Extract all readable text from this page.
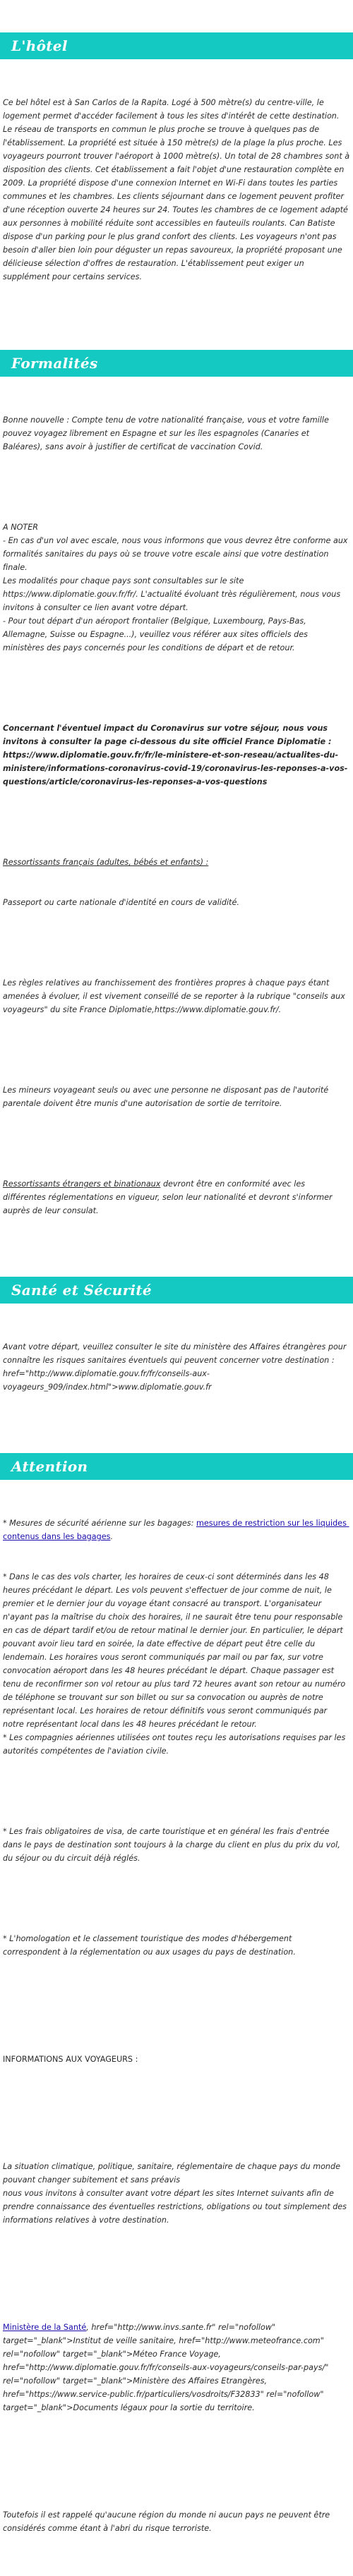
L'hôtel

Ce bel hôtel est à San Carlos de la Rapita. Logé à 500 mètre(s) du centre-ville, le logement permet d'accéder facilement à tous les sites d'intérêt de cette destination. Le réseau de transports en commun le plus proche se trouve à quelques pas de l'établissement. La propriété est située à 150 mètre(s) de la plage la plus proche. Les voyageurs pourront trouver l'aéroport à 1000 mètre(s). Un total de 28 chambres sont à disposition des clients. Cet établissement a fait l'objet d'une restauration complète en 2009. La propriété dispose d'une connexion Internet en Wi-Fi dans toutes les parties communes et les chambres. Les clients séjournant dans ce logement peuvent profiter d'une réception ouverte 24 heures sur 24. Toutes les chambres de ce logement adapté aux personnes à mobilité réduite sont accessibles en fauteuils roulants. Can Batiste dispose d'un parking pour le plus grand confort des clients. Les voyageurs n'ont pas besoin d'aller bien loin pour déguster un repas savoureux, la propriété proposant une délicieuse sélection d'offres de restauration. L'établissement peut exiger un supplément pour certains services.

Formalités

Bonne nouvelle : Compte tenu de votre nationalité française, vous et votre famille pouvez voyagez librement en Espagne et sur les îles espagnoles (Canaries et Baléares), sans avoir à justifier de certificat de vaccination Covid.

A NOTER
- En cas d'un vol avec escale, nous vous informons que vous devrez être conforme aux formalités sanitaires du pays où se trouve votre escale ainsi que votre destination finale.
Les modalités pour chaque pays sont consultables sur le site https://www.diplomatie.gouv.fr/fr/. L'actualité évoluant très régulièrement, nous vous invitons à consulter ce lien avant votre départ.
- Pour tout départ d'un aéroport frontalier (Belgique, Luxembourg, Pays-Bas, Allemagne, Suisse ou Espagne...), veuillez vous référer aux sites officiels des ministères des pays concernés pour les conditions de départ et de retour.

Concernant l'éventuel impact du Coronavirus sur votre séjour, nous vous invitons à consulter la page ci-dessous du site officiel France Diplomatie : https://www.diplomatie.gouv.fr/fr/le-ministere-et-son-reseau/actualites-du-ministere/informations-coronavirus-covid-19/coronavirus-les-reponses-a-vos-questions/article/coronavirus-les-reponses-a-vos-questions

Ressortissants français (adultes, bébés et enfants) :

Passeport ou carte nationale d'identité en cours de validité.

Les règles relatives au franchissement des frontières propres à chaque pays étant amenées à évoluer, il est vivement conseillé de se reporter à la rubrique "conseils aux voyageurs" du site France Diplomatie,https://www.diplomatie.gouv.fr/.

Les mineurs voyageant seuls ou avec une personne ne disposant pas de l'autorité parentale doivent être munis d'une autorisation de sortie de territoire.

Ressortissants étrangers et binationaux devront être en conformité avec les différentes réglementations en vigueur, selon leur nationalité et devront s'informer auprès de leur consulat.

Santé et Sécurité

Avant votre départ, veuillez consulter le site du ministère des Affaires étrangères pour connaître les risques sanitaires éventuels qui peuvent concerner votre destination : href="http://www.diplomatie.gouv.fr/fr/conseils-aux-voyageurs_909/index.html">www.diplomatie.gouv.fr

Attention

* Mesures de sécurité aérienne sur les bagages: mesures de restriction sur les liquides contenus dans les bagages.

* Dans le cas des vols charter, les horaires de ceux-ci sont déterminés dans les 48 heures précédant le départ. Les vols peuvent s'effectuer de jour comme de nuit, le premier et le dernier jour du voyage étant consacré au transport. L'organisateur n'ayant pas la maîtrise du choix des horaires, il ne saurait être tenu pour responsable en cas de départ tardif et/ou de retour matinal le dernier jour. En particulier, le départ pouvant avoir lieu tard en soirée, la date effective de départ peut être celle du lendemain. Les horaires vous seront communiqués par mail ou par fax, sur votre convocation aéroport dans les 48 heures précédant le départ. Chaque passager est tenu de reconfirmer son vol retour au plus tard 72 heures avant son retour au numéro de téléphone se trouvant sur son billet ou sur sa convocation ou auprès de notre représentant local. Les horaires de retour définitifs vous seront communiqués par notre représentant local dans les 48 heures précédant le retour.
* Les compagnies aériennes utilisées ont toutes reçu les autorisations requises par les autorités compétentes de l'aviation civile.

* Les frais obligatoires de visa, de carte touristique et en général les frais d'entrée dans le pays de destination sont toujours à la charge du client en plus du prix du vol, du séjour ou du circuit déjà réglés.

* L'homologation et le classement touristique des modes d'hébergement correspondent à la réglementation ou aux usages du pays de destination.

INFORMATIONS AUX VOYAGEURS :

La situation climatique, politique, sanitaire, réglementaire de chaque pays du monde pouvant changer subitement et sans préavis
nous vous invitons à consulter avant votre départ les sites Internet suivants afin de prendre connaissance des éventuelles restrictions, obligations ou tout simplement des informations relatives à votre destination.

Ministère de la Santé, href="http://www.invs.sante.fr" rel="nofollow" target="_blank">Institut de veille sanitaire, href="http://www.meteofrance.com" rel="nofollow" target="_blank">Méteo France Voyage, href="http://www.diplomatie.gouv.fr/fr/conseils-aux-voyageurs/conseils-par-pays/" rel="nofollow" target="_blank">Ministère des Affaires Etrangères, href="https://www.service-public.fr/particuliers/vosdroits/F32833" rel="nofollow" target="_blank">Documents légaux pour la sortie du territoire.

Toutefois il est rappelé qu'aucune région du monde ni aucun pays ne peuvent être considérés comme étant à l'abri du risque terroriste.
